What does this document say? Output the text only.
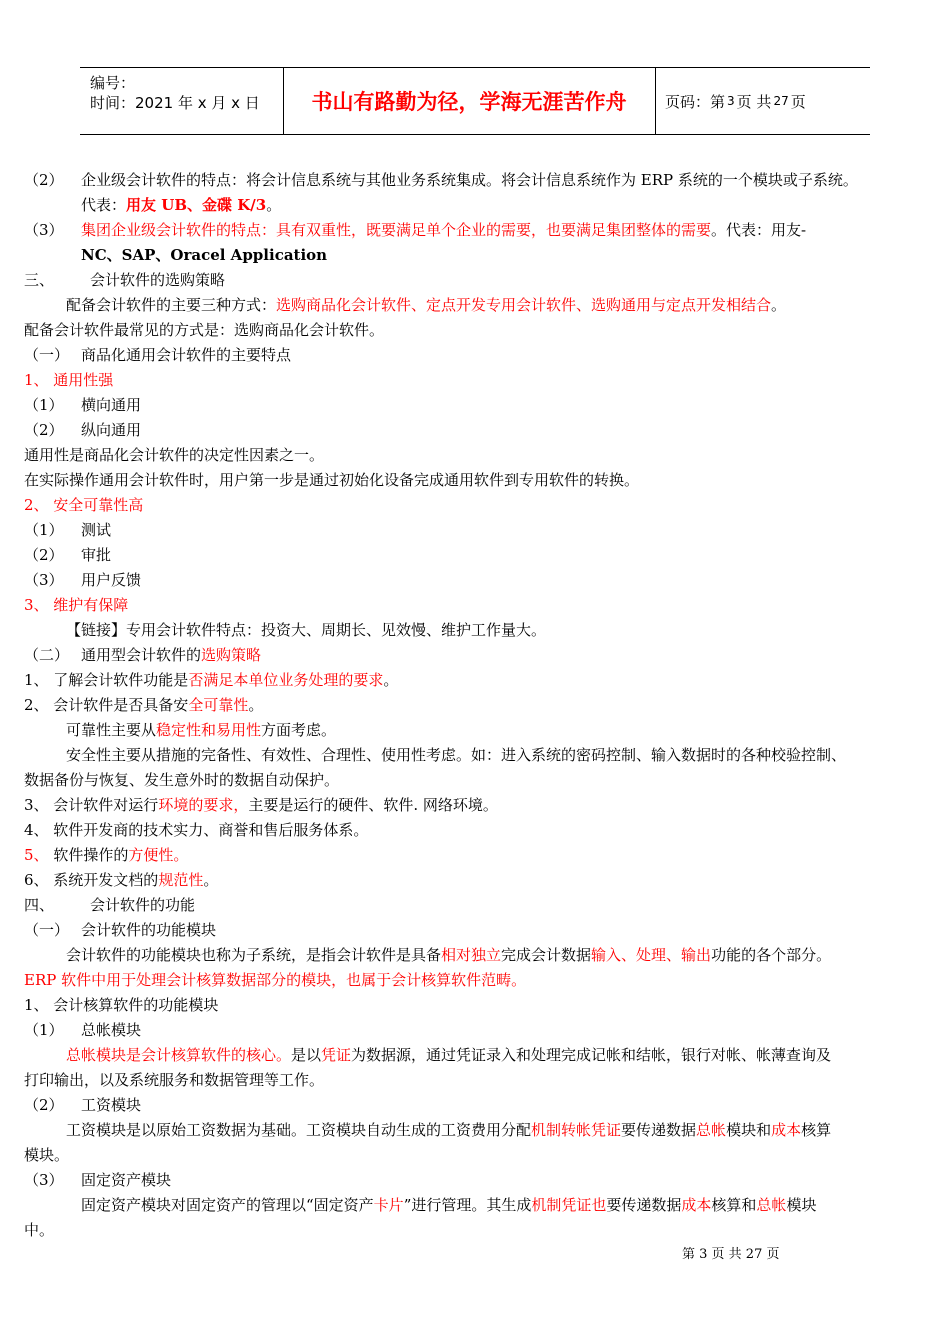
编号：
时间：2021 年 x 月 x 日	书山有路勤为径，学海无涯苦作舟	页码：第 3 页 共 27 页
（2） 企业级会计软件的特点：将会计信息系统与其他业务系统集成。将会计信息系统作为 ERP 系统的一个模块或子系统。
代表：用友 UB、金碟 K/3。
（3） 集团企业级会计软件的特点：具有双重性，既要满足单个企业的需要，也要满足集团整体的需要。代表：用友-
NC、SAP、Oracel Application
三、 会计软件的选购策略
配备会计软件的主要三种方式：选购商品化会计软件、定点开发专用会计软件、选购通用与定点开发相结合。
配备会计软件最常见的方式是：选购商品化会计软件。
（一） 商品化通用会计软件的主要特点
1、 通用性强
（1） 横向通用
（2） 纵向通用
通用性是商品化会计软件的决定性因素之一。
在实际操作通用会计软件时，用户第一步是通过初始化设备完成通用软件到专用软件的转换。
2、 安全可靠性高
（1） 测试
（2） 审批
（3） 用户反馈
3、 维护有保障
【链接】专用会计软件特点：投资大、周期长、见效慢、维护工作量大。
（二） 通用型会计软件的选购策略
1、 了解会计软件功能是否满足本单位业务处理的要求。
2、 会计软件是否具备安全可靠性。
可靠性主要从稳定性和易用性方面考虑。
安全性主要从措施的完备性、有效性、合理性、使用性考虑。如：进入系统的密码控制、输入数据时的各种校验控制、
数据备份与恢复、发生意外时的数据自动保护。
3、 会计软件对运行环境的要求，主要是运行的硬件、软件. 网络环境。
4、 软件开发商的技术实力、商誉和售后服务体系。
5、 软件操作的方便性。
6、 系统开发文档的规范性。
四、 会计软件的功能
（一） 会计软件的功能模块
会计软件的功能模块也称为子系统，是指会计软件是具备相对独立完成会计数据输入、处理、输出功能的各个部分。
ERP 软件中用于处理会计核算数据部分的模块，也属于会计核算软件范畴。
1、 会计核算软件的功能模块
（1） 总帐模块
总帐模块是会计核算软件的核心。是以凭证为数据源，通过凭证录入和处理完成记帐和结帐，银行对帐、帐薄查询及
打印输出，以及系统服务和数据管理等工作。
（2） 工资模块
工资模块是以原始工资数据为基础。工资模块自动生成的工资费用分配机制转帐凭证要传递数据总帐模块和成本核算
模块。
（3） 固定资产模块
固定资产模块对固定资产的管理以“固定资产卡片”进行管理。其生成机制凭证也要传递数据成本核算和总帐模块
中。
第 3 页 共 27 页
